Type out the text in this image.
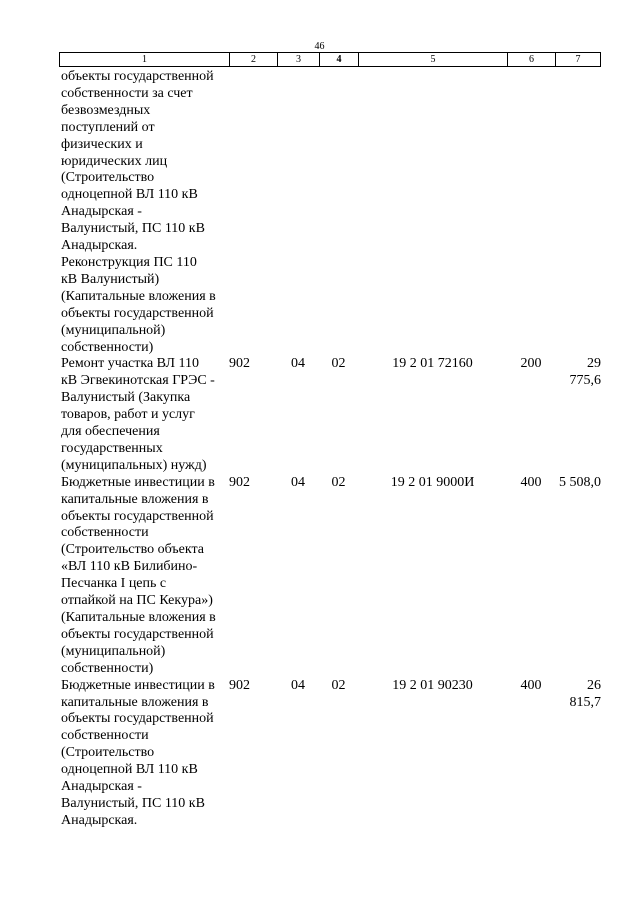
46
1	2	3	4	5	6	7
объекты государственной
собственности за счет
безвозмездных
поступлений от
физических и
юридических лиц
(Строительство
одноцепной ВЛ 110 кВ
Анадырская -
Валунистый, ПС 110 кВ
Анадырская.
Реконструкция ПС 110
кВ Валунистый)
(Капитальные вложения в
объекты государственной
(муниципальной)
собственности)
Ремонт участка ВЛ 110
кВ Эгвекинотская ГРЭС -
Валунистый (Закупка
товаров, работ и услуг
для обеспечения
государственных
(муниципальных) нужд)
902	04	02	19 2 01 72160	200	29 775,6
Бюджетные инвестиции в
капитальные вложения в
объекты государственной
собственности
(Строительство объекта
«ВЛ 110 кВ Билибино-
Песчанка I цепь с
отпайкой на ПС Кекура»)
(Капитальные вложения в
объекты государственной
(муниципальной)
собственности)
902	04	02	19 2 01 9000И	400	5 508,0
Бюджетные инвестиции в
капитальные вложения в
объекты государственной
собственности
(Строительство
одноцепной ВЛ 110 кВ
Анадырская -
Валунистый, ПС 110 кВ
Анадырская.
902	04	02	19 2 01 90230	400	26 815,7
